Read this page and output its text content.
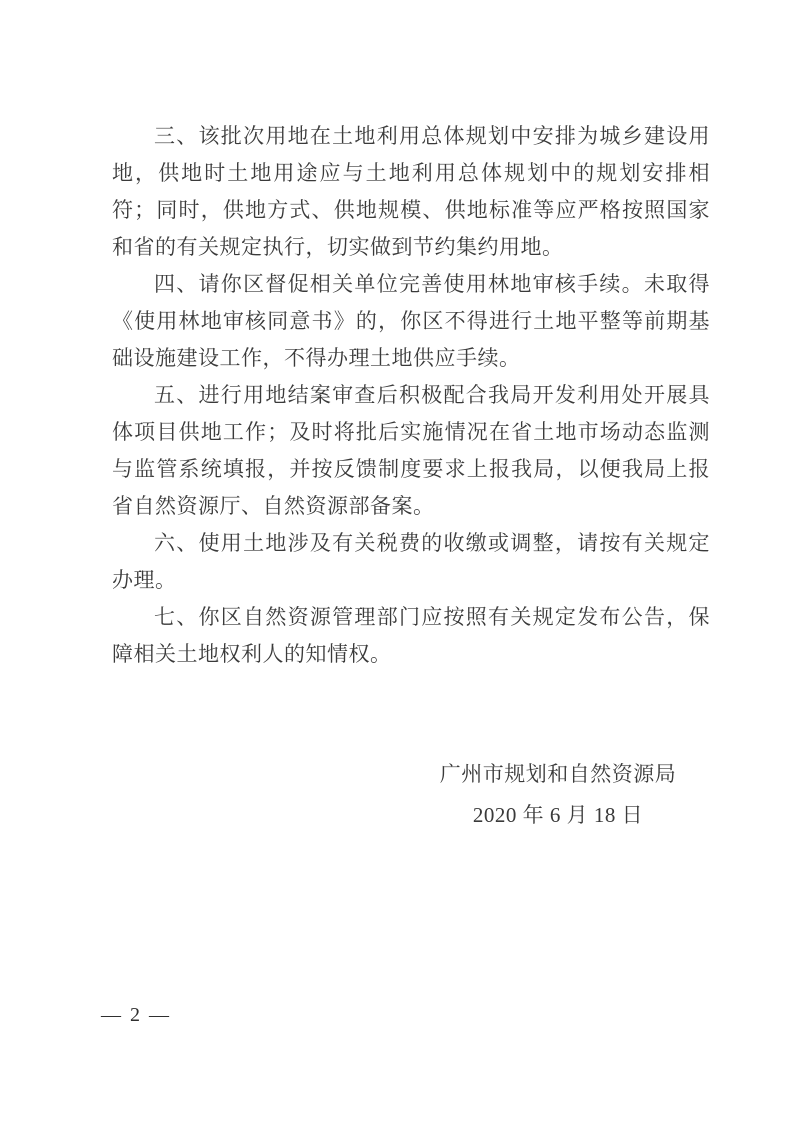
三、该批次用地在土地利用总体规划中安排为城乡建设用地，供地时土地用途应与土地利用总体规划中的规划安排相符；同时，供地方式、供地规模、供地标准等应严格按照国家和省的有关规定执行，切实做到节约集约用地。

四、请你区督促相关单位完善使用林地审核手续。未取得《使用林地审核同意书》的，你区不得进行土地平整等前期基础设施建设工作，不得办理土地供应手续。

五、进行用地结案审查后积极配合我局开发利用处开展具体项目供地工作；及时将批后实施情况在省土地市场动态监测与监管系统填报，并按反馈制度要求上报我局，以便我局上报省自然资源厅、自然资源部备案。

六、使用土地涉及有关税费的收缴或调整，请按有关规定办理。

七、你区自然资源管理部门应按照有关规定发布公告，保障相关土地权利人的知情权。

广州市规划和自然资源局
2020 年 6 月 18 日
— 2 —
